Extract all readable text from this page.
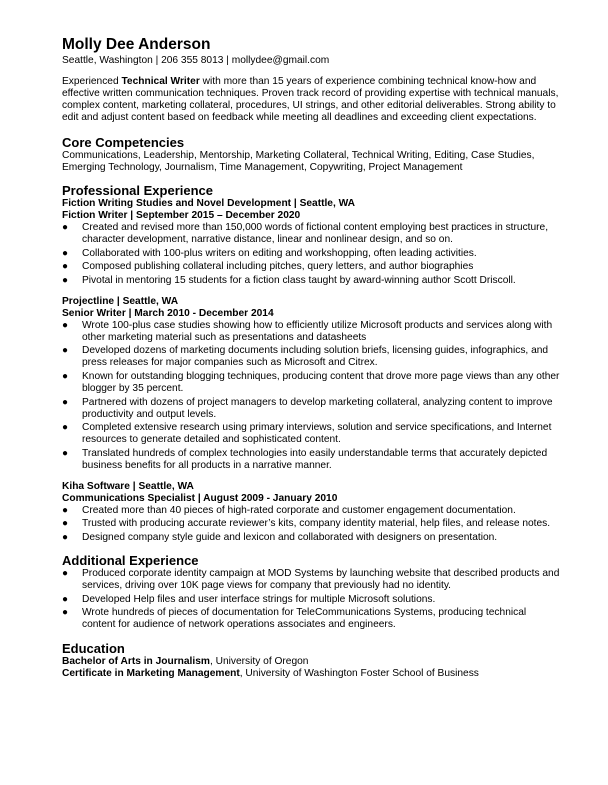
Molly Dee Anderson

Seattle, Washington | 206 355 8013 | mollydee@gmail.com

Experienced Technical Writer with more than 15 years of experience combining technical know-how and effective written communication techniques. Proven track record of providing expertise with technical manuals, complex content, marketing collateral, procedures, UI strings, and other editorial deliverables. Strong ability to edit and adjust content based on feedback while meeting all deadlines and exceeding client expectations.

Core Competencies

Communications, Leadership, Mentorship, Marketing Collateral, Technical Writing, Editing, Case Studies, Emerging Technology, Journalism, Time Management, Copywriting, Project Management

Professional Experience

Fiction Writing Studies and Novel Development | Seattle, WA

Fiction Writer | September 2015 – December 2020

●	Created and revised more than 150,000 words of fictional content employing best practices in structure, character development, narrative distance, linear and nonlinear design, and so on.
●	Collaborated with 100-plus writers on editing and workshopping, often leading activities.
●	Composed publishing collateral including pitches, query letters, and author biographies
●	Pivotal in mentoring 15 students for a fiction class taught by award-winning author Scott Driscoll.

Projectline | Seattle, WA

Senior Writer | March 2010 - December 2014

●	Wrote 100-plus case studies showing how to efficiently utilize Microsoft products and services along with other marketing material such as presentations and datasheets
●	Developed dozens of marketing documents including solution briefs, licensing guides, infographics, and press releases for major companies such as Microsoft and Citrex.
●	Known for outstanding blogging techniques, producing content that drove more page views than any other blogger by 35 percent.
●	Partnered with dozens of project managers to develop marketing collateral, analyzing content to improve productivity and output levels.
●	Completed extensive research using primary interviews, solution and service specifications, and Internet resources to generate detailed and sophisticated content.
●	Translated hundreds of complex technologies into easily understandable terms that accurately depicted business benefits for all products in a narrative manner.

Kiha Software | Seattle, WA

Communications Specialist | August 2009 - January 2010

●	Created more than 40 pieces of high-rated corporate and customer engagement documentation.
●	Trusted with producing accurate reviewer’s kits, company identity material, help files, and release notes.
●	Designed company style guide and lexicon and collaborated with designers on presentation.
Additional Experience
●	Produced corporate identity campaign at MOD Systems by launching website that described products and services, driving over 10K page views for company that previously had no identity.
●	Developed Help files and user interface strings for multiple Microsoft solutions.
●	Wrote hundreds of pieces of documentation for TeleCommunications Systems, producing technical content for audience of network operations associates and engineers.
Education

Bachelor of Arts in Journalism, University of Oregon

Certificate in Marketing Management, University of Washington Foster School of Business
